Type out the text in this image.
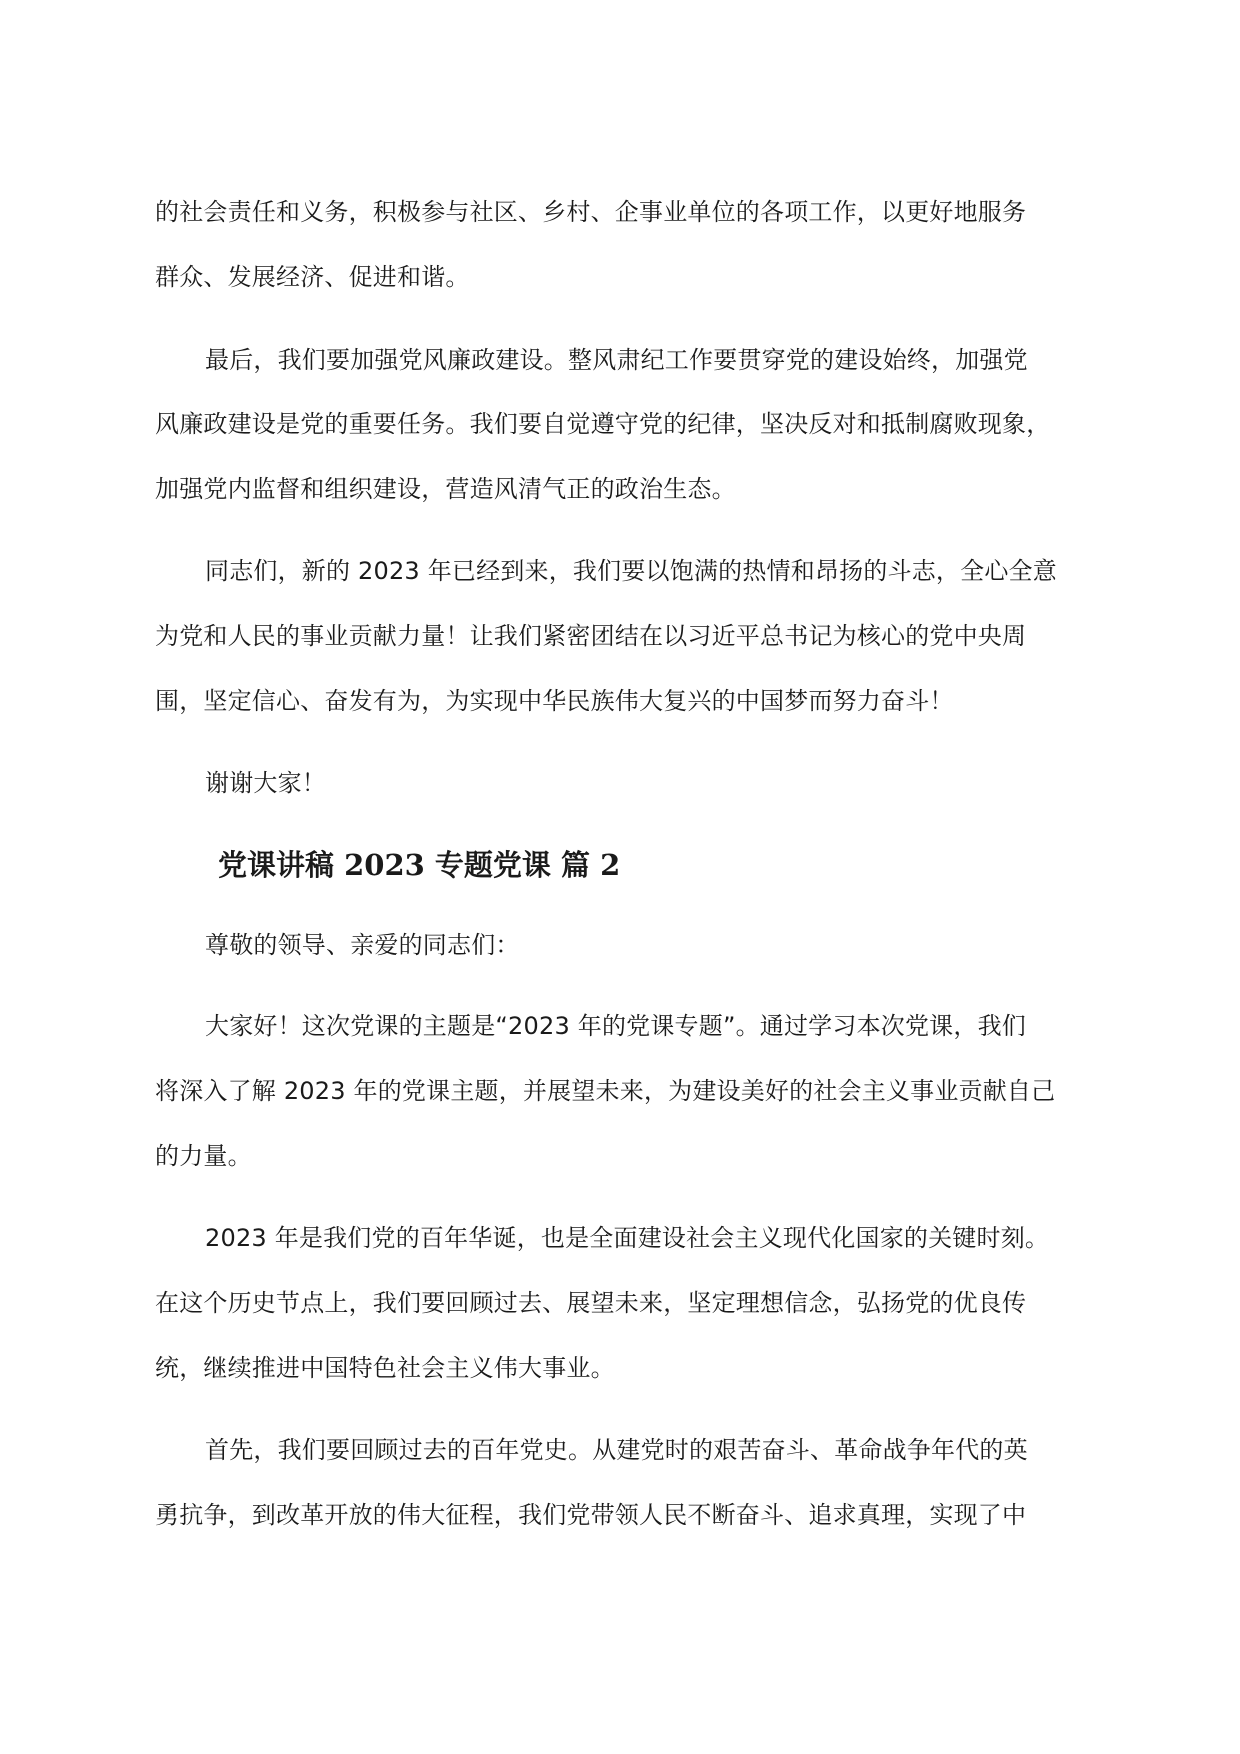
的社会责任和义务，积极参与社区、乡村、企事业单位的各项工作，以更好地服务
群众、发展经济、促进和谐。
最后，我们要加强党风廉政建设。整风肃纪工作要贯穿党的建设始终，加强党
风廉政建设是党的重要任务。我们要自觉遵守党的纪律，坚决反对和抵制腐败现象，
加强党内监督和组织建设，营造风清气正的政治生态。
同志们，新的 2023 年已经到来，我们要以饱满的热情和昂扬的斗志，全心全意
为党和人民的事业贡献力量！让我们紧密团结在以习近平总书记为核心的党中央周
围，坚定信心、奋发有为，为实现中华民族伟大复兴的中国梦而努力奋斗！
谢谢大家！
党课讲稿 2023 专题党课 篇 2
尊敬的领导、亲爱的同志们：
大家好！这次党课的主题是“2023 年的党课专题”。通过学习本次党课，我们
将深入了解 2023 年的党课主题，并展望未来，为建设美好的社会主义事业贡献自己
的力量。
2023 年是我们党的百年华诞，也是全面建设社会主义现代化国家的关键时刻。
在这个历史节点上，我们要回顾过去、展望未来，坚定理想信念，弘扬党的优良传
统，继续推进中国特色社会主义伟大事业。
首先，我们要回顾过去的百年党史。从建党时的艰苦奋斗、革命战争年代的英
勇抗争，到改革开放的伟大征程，我们党带领人民不断奋斗、追求真理，实现了中
